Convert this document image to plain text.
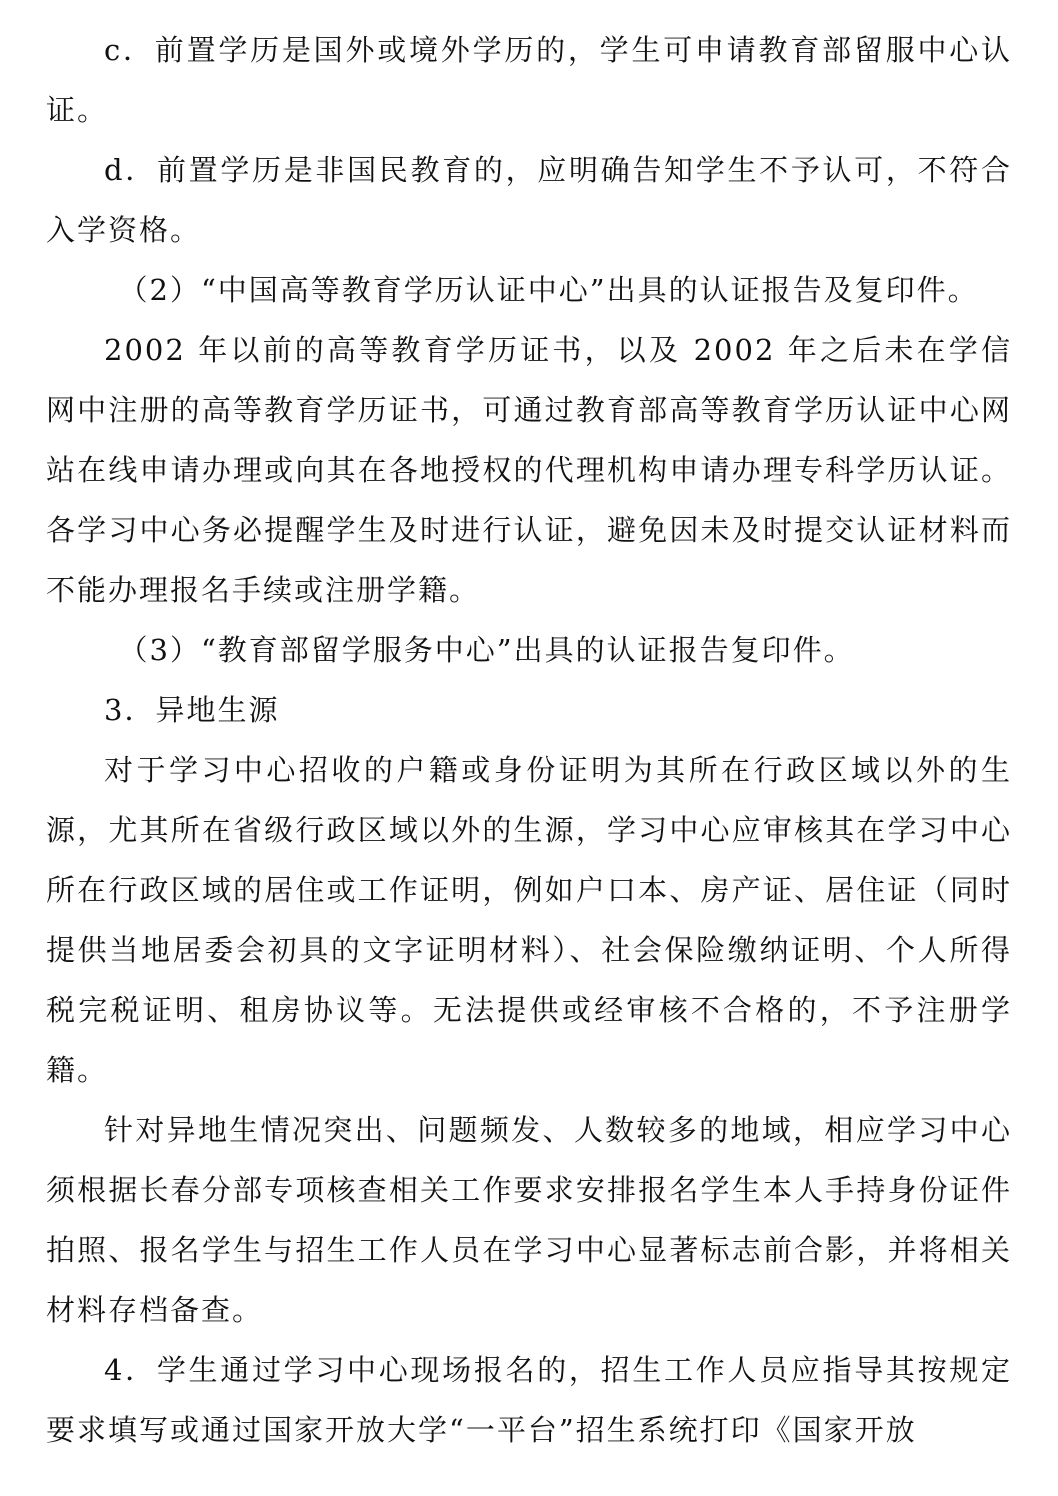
c．前置学历是国外或境外学历的，学生可申请教育部留服中心认证。

d．前置学历是非国民教育的，应明确告知学生不予认可，不符合入学资格。

（2）“中国高等教育学历认证中心”出具的认证报告及复印件。

2002 年以前的高等教育学历证书，以及 2002 年之后未在学信网中注册的高等教育学历证书，可通过教育部高等教育学历认证中心网站在线申请办理或向其在各地授权的代理机构申请办理专科学历认证。各学习中心务必提醒学生及时进行认证，避免因未及时提交认证材料而不能办理报名手续或注册学籍。

（3）“教育部留学服务中心”出具的认证报告复印件。

3．异地生源

对于学习中心招收的户籍或身份证明为其所在行政区域以外的生源，尤其所在省级行政区域以外的生源，学习中心应审核其在学习中心所在行政区域的居住或工作证明，例如户口本、房产证、居住证（同时提供当地居委会初具的文字证明材料）、社会保险缴纳证明、个人所得税完税证明、租房协议等。无法提供或经审核不合格的，不予注册学籍。

针对异地生情况突出、问题频发、人数较多的地域，相应学习中心须根据长春分部专项核查相关工作要求安排报名学生本人手持身份证件拍照、报名学生与招生工作人员在学习中心显著标志前合影，并将相关材料存档备查。

4．学生通过学习中心现场报名的，招生工作人员应指导其按规定要求填写或通过国家开放大学“一平台”招生系统打印《国家开放
